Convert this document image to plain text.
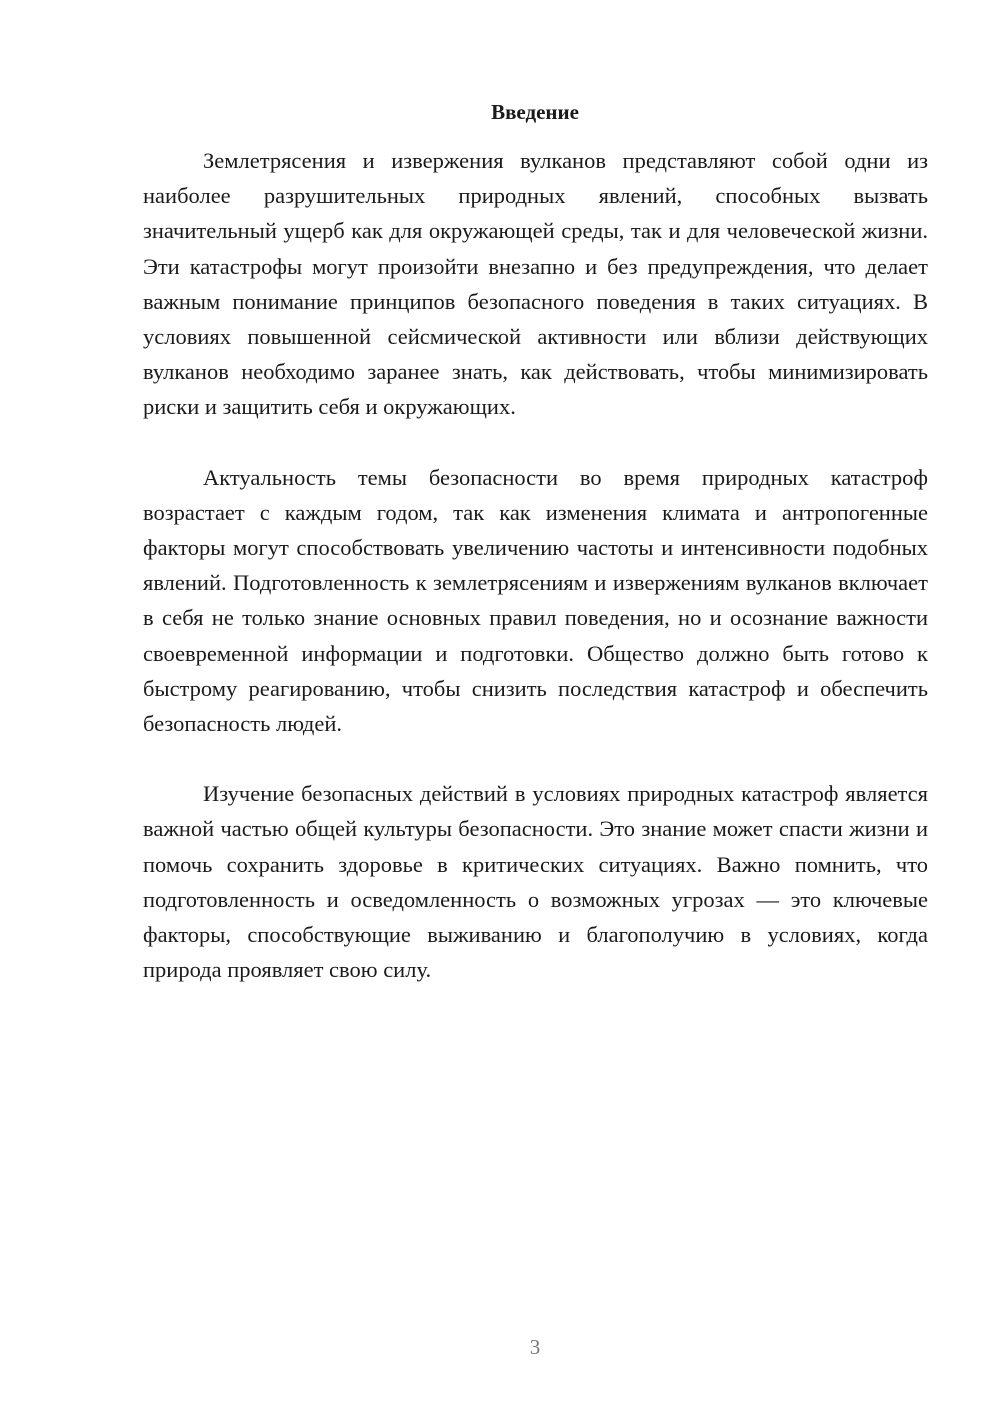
Введение

Землетрясения и извержения вулканов представляют собой одни из наиболее разрушительных природных явлений, способных вызвать значительный ущерб как для окружающей среды, так и для человеческой жизни. Эти катастрофы могут произойти внезапно и без предупреждения, что делает важным понимание принципов безопасного поведения в таких ситуациях. В условиях повышенной сейсмической активности или вблизи действующих вулканов необходимо заранее знать, как действовать, чтобы минимизировать риски и защитить себя и окружающих.

Актуальность темы безопасности во время природных катастроф возрастает с каждым годом, так как изменения климата и антропогенные факторы могут способствовать увеличению частоты и интенсивности подобных явлений. Подготовленность к землетрясениям и извержениям вулканов включает в себя не только знание основных правил поведения, но и осознание важности своевременной информации и подготовки. Общество должно быть готово к быстрому реагированию, чтобы снизить последствия катастроф и обеспечить безопасность людей.

Изучение безопасных действий в условиях природных катастроф является важной частью общей культуры безопасности. Это знание может спасти жизни и помочь сохранить здоровье в критических ситуациях. Важно помнить, что подготовленность и осведомленность о возможных угрозах — это ключевые факторы, способствующие выживанию и благополучию в условиях, когда природа проявляет свою силу.

3
